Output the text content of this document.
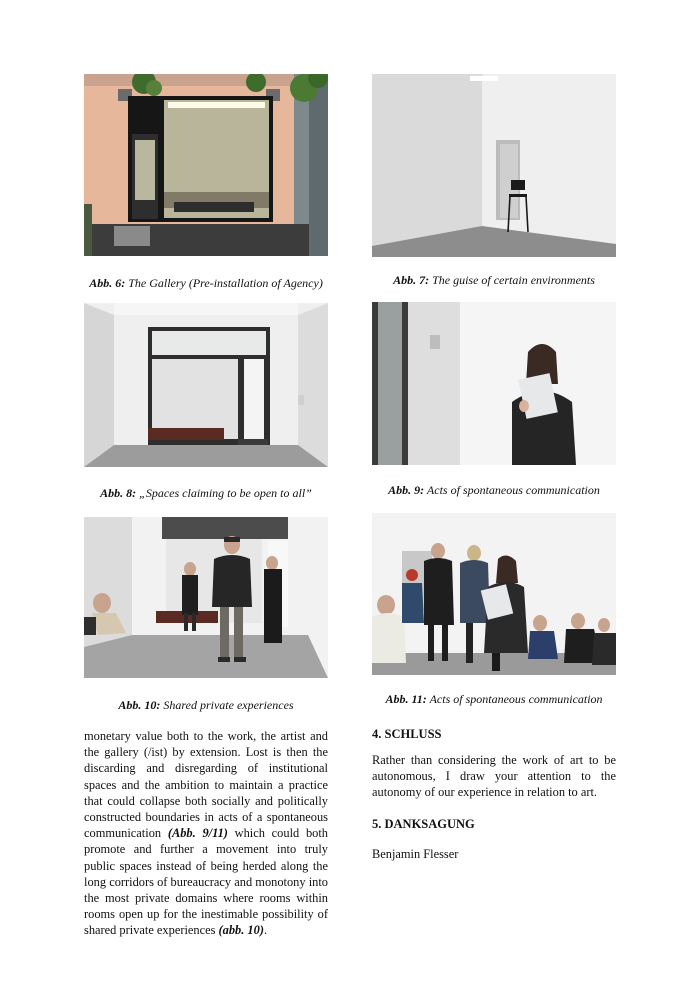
Abb. 6: The Gallery (Pre-installation of Agency)	Abb. 7: The guise of certain environments
Abb. 8: „Spaces claiming to be open to all”	Abb. 9: Acts of spontaneous communication
Abb. 10: Shared private experiences	Abb. 11: Acts of spontaneous communication
monetary value both to the work, the artist and the gallery (/ist) by extension. Lost is then the discarding and disregarding of institutional spaces and the ambition to maintain a practice that could collapse both socially and politically constructed boundaries in acts of a spontaneous communication (Abb. 9/11) which could both promote and further a movement into truly public spaces instead of being herded along the long corridors of bureaucracy and monotony into the most private domains where rooms within rooms open up for the inestimable possibility of shared private experiences (abb. 10).
4. SCHLUSS
Rather than considering the work of art to be autonomous, I draw your attention to the autonomy of our experience in relation to art.
5. DANKSAGUNG
Benjamin Flesser
